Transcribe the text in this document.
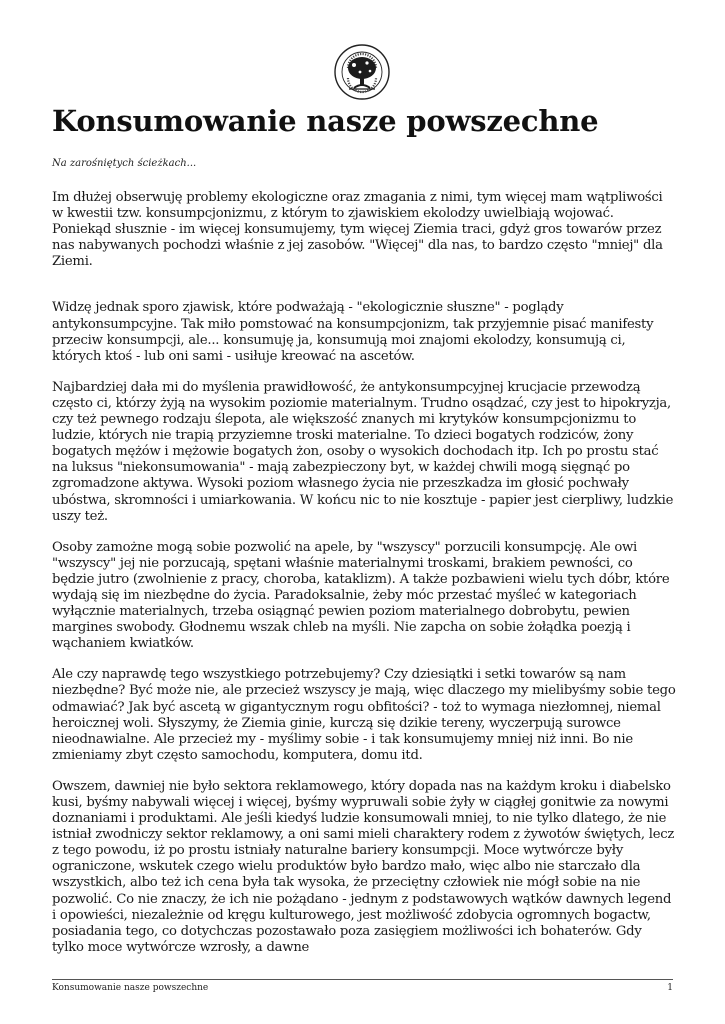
Konsumowanie nasze powszechne

Na zarośniętych ścieżkach...

Im dłużej obserwuję problemy ekologiczne oraz zmagania z nimi, tym więcej mam wątpliwości w kwestii tzw. konsumpcjonizmu, z którym to zjawiskiem ekolodzy uwielbiają wojować. Poniekąd słusznie - im więcej konsumujemy, tym więcej Ziemia traci, gdyż gros towarów przez nas nabywanych pochodzi właśnie z jej zasobów. "Więcej" dla nas, to bardzo często "mniej" dla Ziemi.

Widzę jednak sporo zjawisk, które podważają - "ekologicznie słuszne" - poglądy antykonsumpcyjne. Tak miło pomstować na konsumpcjonizm, tak przyjemnie pisać manifesty przeciw konsumpcji, ale... konsumuję ja, konsumują moi znajomi ekolodzy, konsumują ci, których ktoś - lub oni sami - usiłuje kreować na ascetów.

Najbardziej dała mi do myślenia prawidłowość, że antykonsumpcyjnej krucjacie przewodzą często ci, którzy żyją na wysokim poziomie materialnym. Trudno osądzać, czy jest to hipokryzja, czy też pewnego rodzaju ślepota, ale większość znanych mi krytyków konsumpcjonizmu to ludzie, których nie trapią przyziemne troski materialne. To dzieci bogatych rodziców, żony bogatych mężów i mężowie bogatych żon, osoby o wysokich dochodach itp. Ich po prostu stać na luksus "niekonsumowania" - mają zabezpieczony byt, w każdej chwili mogą sięgnąć po zgromadzone aktywa. Wysoki poziom własnego życia nie przeszkadza im głosić pochwały ubóstwa, skromności i umiarkowania. W końcu nic to nie kosztuje - papier jest cierpliwy, ludzkie uszy też.

Osoby zamożne mogą sobie pozwolić na apele, by "wszyscy" porzucili konsumpcję. Ale owi "wszyscy" jej nie porzucają, spętani właśnie materialnymi troskami, brakiem pewności, co będzie jutro (zwolnienie z pracy, choroba, kataklizm). A także pozbawieni wielu tych dóbr, które wydają się im niezbędne do życia. Paradoksalnie, żeby móc przestać myśleć w kategoriach wyłącznie materialnych, trzeba osiągnąć pewien poziom materialnego dobrobytu, pewien margines swobody. Głodnemu wszak chleb na myśli. Nie zapcha on sobie żołądka poezją i wąchaniem kwiatków.

Ale czy naprawdę tego wszystkiego potrzebujemy? Czy dziesiątki i setki towarów są nam niezbędne? Być może nie, ale przecież wszyscy je mają, więc dlaczego my mielibyśmy sobie tego odmawiać? Jak być ascetą w gigantycznym rogu obfitości? - toż to wymaga niezłomnej, niemal heroicznej woli. Słyszymy, że Ziemia ginie, kurczą się dzikie tereny, wyczerpują surowce nieodnawialne. Ale przecież my - myślimy sobie - i tak konsumujemy mniej niż inni. Bo nie zmieniamy zbyt często samochodu, komputera, domu itd.

Owszem, dawniej nie było sektora reklamowego, który dopada nas na każdym kroku i diabelsko kusi, byśmy nabywali więcej i więcej, byśmy wypruwali sobie żyły w ciągłej gonitwie za nowymi doznaniami i produktami. Ale jeśli kiedyś ludzie konsumowali mniej, to nie tylko dlatego, że nie istniał zwodniczy sektor reklamowy, a oni sami mieli charaktery rodem z żywotów świętych, lecz z tego powodu, iż po prostu istniały naturalne bariery konsumpcji. Moce wytwórcze były ograniczone, wskutek czego wielu produktów było bardzo mało, więc albo nie starczało dla wszystkich, albo też ich cena była tak wysoka, że przeciętny człowiek nie mógł sobie na nie pozwolić. Co nie znaczy, że ich nie pożądano - jednym z podstawowych wątków dawnych legend i opowieści, niezależnie od kręgu kulturowego, jest możliwość zdobycia ogromnych bogactw, posiadania tego, co dotychczas pozostawało poza zasięgiem możliwości ich bohaterów. Gdy tylko moce wytwórcze wzrosły, a dawne

Konsumowanie nasze powszechne	1
